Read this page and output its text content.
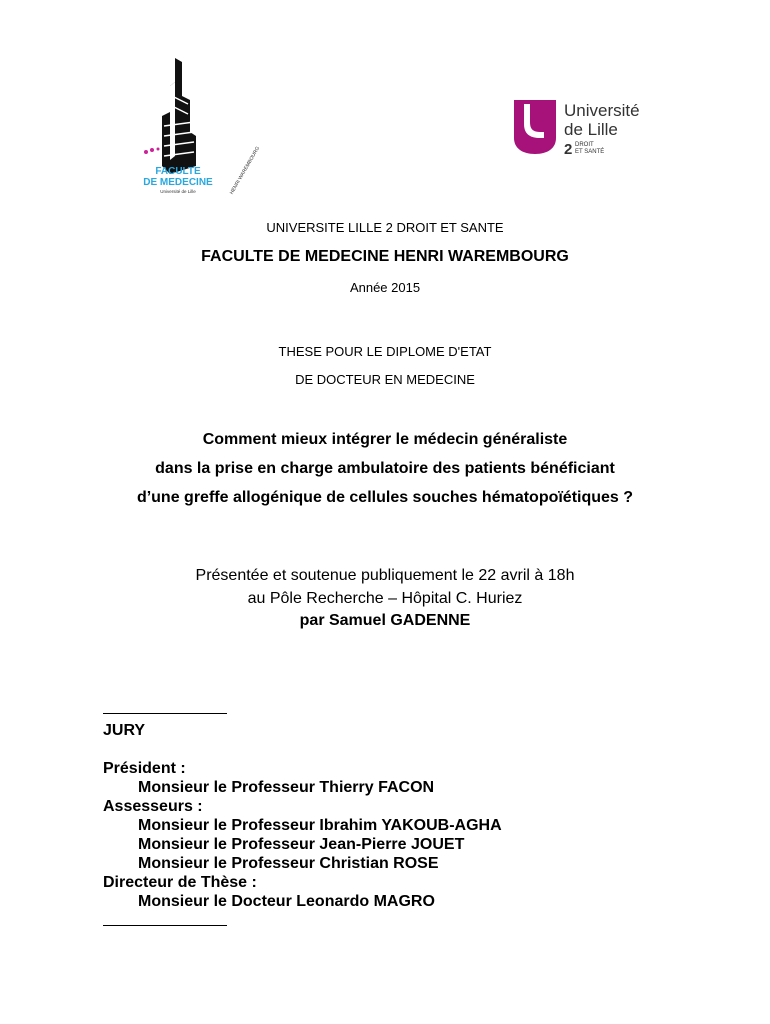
FACULTE
DE MEDECINE
Université de Lille	HENRI WAREMBOURG
Université
de Lille
2 DROIT
ET SANTÉ
UNIVERSITE LILLE 2 DROIT ET SANTE
FACULTE DE MEDECINE HENRI WAREMBOURG
Année 2015
THESE POUR LE DIPLOME D'ETAT
DE DOCTEUR EN MEDECINE
Comment mieux intégrer le médecin généraliste
dans la prise en charge ambulatoire des patients bénéficiant
d’une greffe allogénique de cellules souches hématopoïétiques ?
Présentée et soutenue publiquement le 22 avril à 18h
au Pôle Recherche – Hôpital C. Huriez
par Samuel GADENNE
JURY
Président :
Monsieur le Professeur Thierry FACON
Assesseurs :
Monsieur le Professeur Ibrahim YAKOUB-AGHA
Monsieur le Professeur Jean-Pierre JOUET
Monsieur le Professeur Christian ROSE
Directeur de Thèse :
Monsieur le Docteur Leonardo MAGRO
